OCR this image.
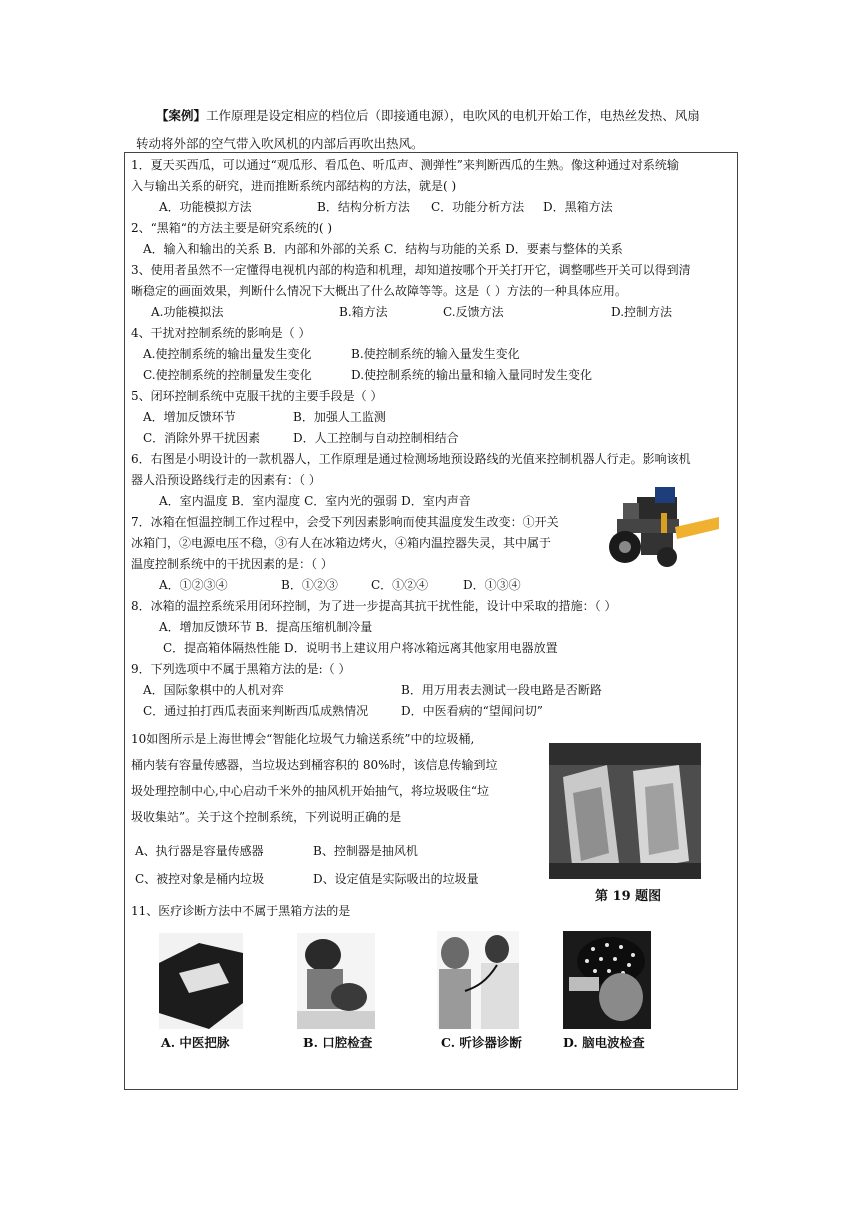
【案例】工作原理是设定相应的档位后（即接通电源），电吹风的电机开始工作，电热丝发热、风扇
转动将外部的空气带入吹风机的内部后再吹出热风。
1．夏天买西瓜，可以通过“观瓜形、看瓜色、听瓜声、测弹性”来判断西瓜的生熟。像这种通过对系统输
入与输出关系的研究，进而推断系统内部结构的方法，就是( )
A．功能模拟方法	B．结构分析方法 C．功能分析方法 D．黑箱方法
2、“黑箱“的方法主要是研究系统的( )
A．输入和输出的关系 B．内部和外部的关系 C．结构与功能的关系 D．要素与整体的关系
3、使用者虽然不一定懂得电视机内部的构造和机理，却知道按哪个开关打开它，调整哪些开关可以得到清
晰稳定的画面效果，判断什么情况下大概出了什么故障等等。这是（ ）方法的一种具体应用。
A.功能模拟法	B.箱方法	C.反馈方法	D.控制方法
4、干扰对控制系统的影响是（ ）
A.使控制系统的输出量发生变化	B.使控制系统的输入量发生变化
C.使控制系统的控制量发生变化	D.使控制系统的输出量和输入量同时发生变化
5、闭环控制系统中克服干扰的主要手段是（ ）
A．增加反馈环节	B．加强人工监测
C．消除外界干扰因素	D．人工控制与自动控制相结合
6．右图是小明设计的一款机器人，工作原理是通过检测场地预设路线的光值来控制机器人行走。影响该机
器人沿预设路线行走的因素有：（ ）
A．室内温度 B．室内湿度 C．室内光的强弱 D．室内声音
7．冰箱在恒温控制工作过程中，会受下列因素影响而使其温度发生改变：①开关
冰箱门，②电源电压不稳，③有人在冰箱边烤火，④箱内温控器失灵，其中属于
温度控制系统中的干扰因素的是：（ ）
A．①②③④	B．①②③	C．①②④	D．①③④
8．冰箱的温控系统采用闭环控制，为了进一步提高其抗干扰性能，设计中采取的措施：（ ）
A．增加反馈环节 B．提高压缩机制冷量
C．提高箱体隔热性能 D．说明书上建议用户将冰箱远离其他家用电器放置
9．下列选项中不属于黑箱方法的是:（ ）
A．国际象棋中的人机对弈	B．用万用表去测试一段电路是否断路
C．通过拍打西瓜表面来判断西瓜成熟情况	D．中医看病的“望闻问切”
10如图所示是上海世博会“智能化垃圾气力输送系统”中的垃圾桶,
桶内装有容量传感器，当垃圾达到桶容积的 80%时，该信息传输到垃
圾处理控制中心,中心启动千米外的抽风机开始抽气，将垃圾吸住“垃
圾收集站”。关于这个控制系统，下列说明正确的是
A、执行器是容量传感器	B、控制器是抽风机
C、被控对象是桶内垃圾	D、设定值是实际吸出的垃圾量
第 19 题图
11、医疗诊断方法中不属于黑箱方法的是
A. 中医把脉	B. 口腔检查	C. 听诊器诊断	D. 脑电波检查
